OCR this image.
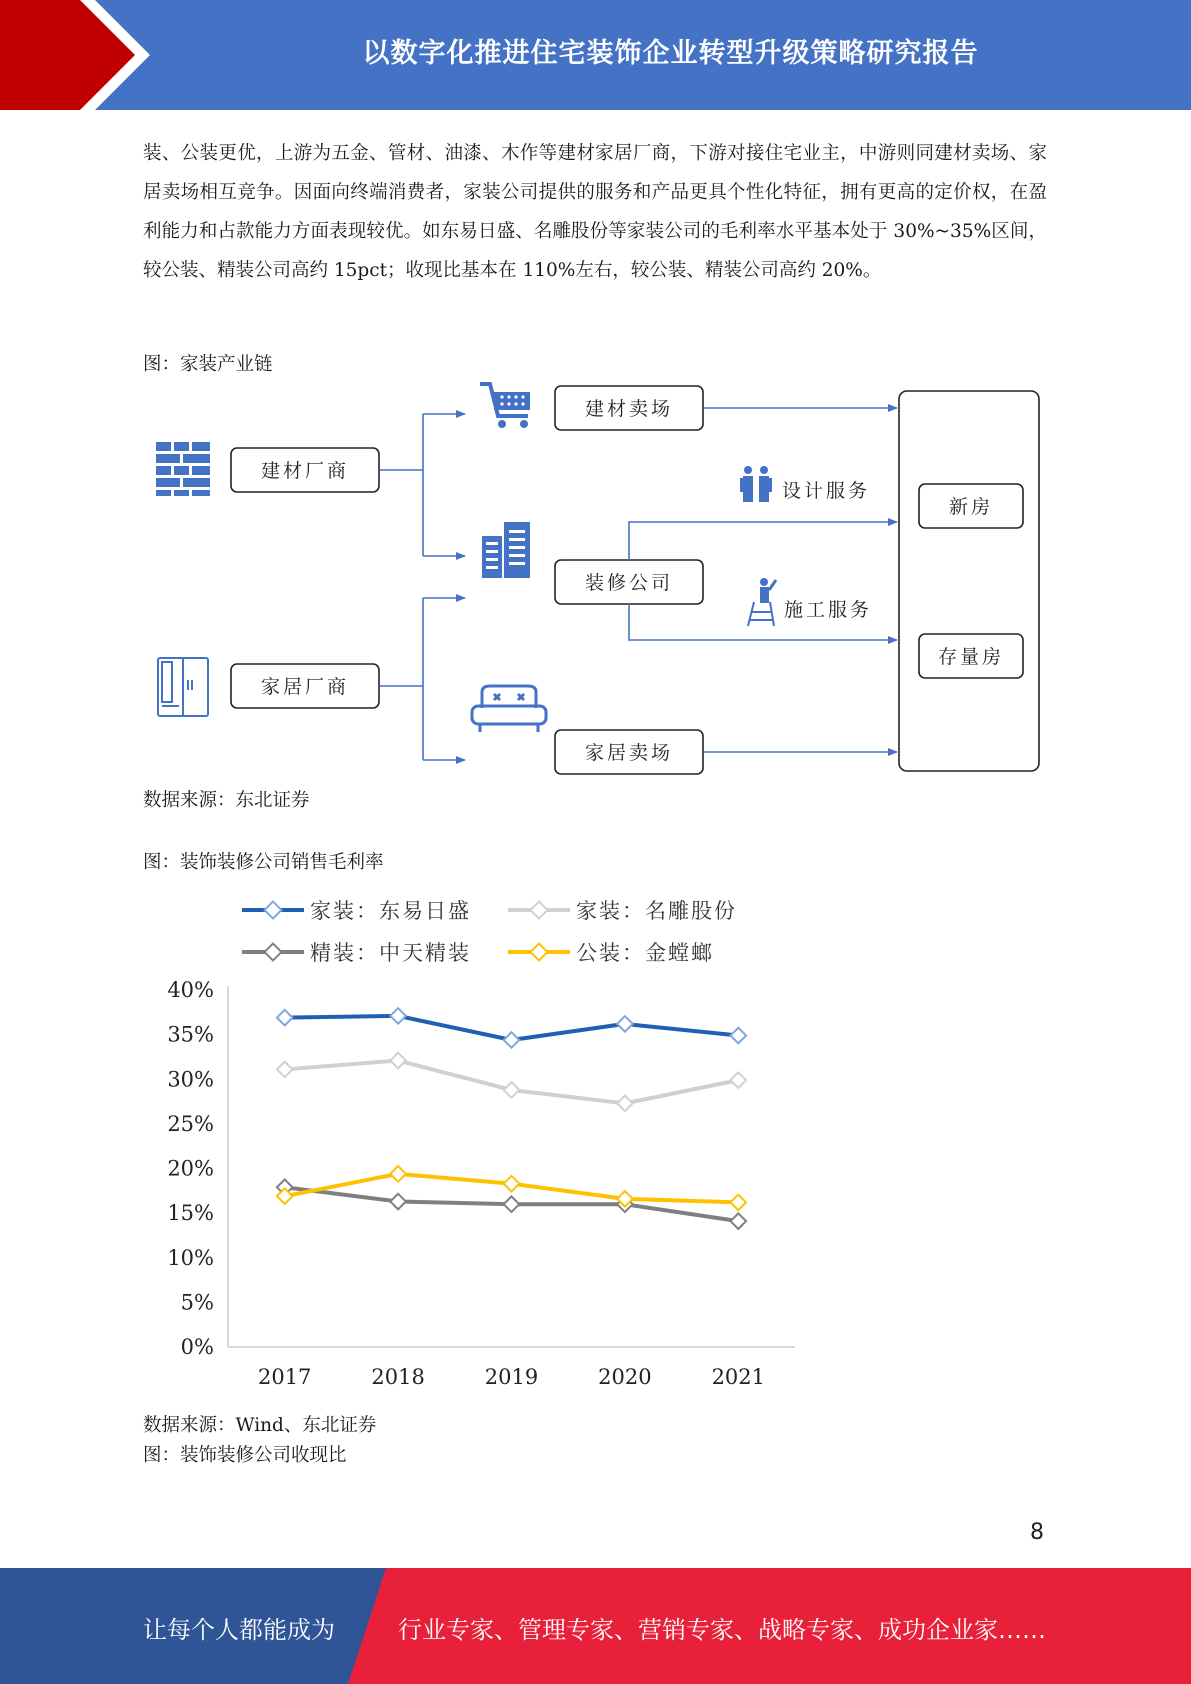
以数字化推进住宅装饰企业转型升级策略研究报告

装、公装更优，上游为五金、管材、油漆、木作等建材家居厂商，下游对接住宅业主，中游则同建材卖场、家居卖场相互竞争。因面向终端消费者，家装公司提供的服务和产品更具个性化特征，拥有更高的定价权，在盈利能力和占款能力方面表现较优。如东易日盛、名雕股份等家装公司的毛利率水平基本处于 30%~35%区间，较公装、精装公司高约 15pct；收现比基本在 110%左右，较公装、精装公司高约 20%。

图：家装产业链
建材厂商
家居厂商
建材卖场
装修公司
家居卖场
新房
存量房
设计服务
施工服务
数据来源：东北证券
图：装饰装修公司销售毛利率
家装：东易日盛	家装：名雕股份
精装：中天精装	公装：金螳螂
0%
5%
10%
15%
20%
25%
30%
35%
40%
2017	2018	2019	2020	2021
数据来源：Wind、东北证券
图：装饰装修公司收现比
8
让每个人都能成为	行业专家、管理专家、营销专家、战略专家、成功企业家……
